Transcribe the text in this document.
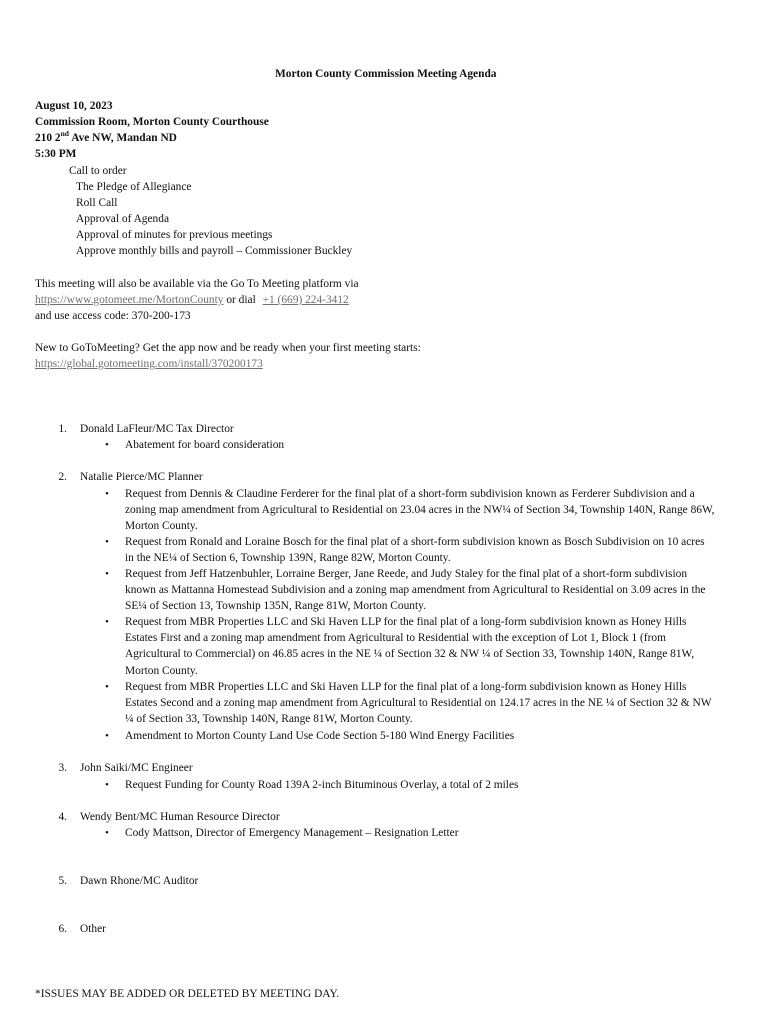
Morton County Commission Meeting Agenda
August 10, 2023
Commission Room, Morton County Courthouse
210 2nd Ave NW, Mandan ND
5:30 PM
Call to order
The Pledge of Allegiance
Roll Call
Approval of Agenda
Approval of minutes for previous meetings
Approve monthly bills and payroll – Commissioner Buckley
This meeting will also be available via the Go To Meeting platform via
https://www.gotomeet.me/MortonCounty or dial +1 (669) 224-3412
and use access code: 370-200-173
New to GoToMeeting? Get the app now and be ready when your first meeting starts:
https://global.gotomeeting.com/install/370200173
1. Donald LaFleur/MC Tax Director
• Abatement for board consideration
2. Natalie Pierce/MC Planner
• Request from Dennis & Claudine Ferderer for the final plat of a short-form subdivision known as Ferderer Subdivision and a zoning map amendment from Agricultural to Residential on 23.04 acres in the NW¼ of Section 34, Township 140N, Range 86W, Morton County.
• Request from Ronald and Loraine Bosch for the final plat of a short-form subdivision known as Bosch Subdivision on 10 acres in the NE¼ of Section 6, Township 139N, Range 82W, Morton County.
• Request from Jeff Hatzenbuhler, Lorraine Berger, Jane Reede, and Judy Staley for the final plat of a short-form subdivision known as Mattanna Homestead Subdivision and a zoning map amendment from Agricultural to Residential on 3.09 acres in the SE¼ of Section 13, Township 135N, Range 81W, Morton County.
• Request from MBR Properties LLC and Ski Haven LLP for the final plat of a long-form subdivision known as Honey Hills Estates First and a zoning map amendment from Agricultural to Residential with the exception of Lot 1, Block 1 (from Agricultural to Commercial) on 46.85 acres in the NE ¼ of Section 32 & NW ¼ of Section 33, Township 140N, Range 81W, Morton County.
• Request from MBR Properties LLC and Ski Haven LLP for the final plat of a long-form subdivision known as Honey Hills Estates Second and a zoning map amendment from Agricultural to Residential on 124.17 acres in the NE ¼ of Section 32 & NW ¼ of Section 33, Township 140N, Range 81W, Morton County.
• Amendment to Morton County Land Use Code Section 5-180 Wind Energy Facilities
3. John Saiki/MC Engineer
• Request Funding for County Road 139A 2-inch Bituminous Overlay, a total of 2 miles
4. Wendy Bent/MC Human Resource Director
• Cody Mattson, Director of Emergency Management – Resignation Letter
5. Dawn Rhone/MC Auditor
6. Other
*ISSUES MAY BE ADDED OR DELETED BY MEETING DAY.
